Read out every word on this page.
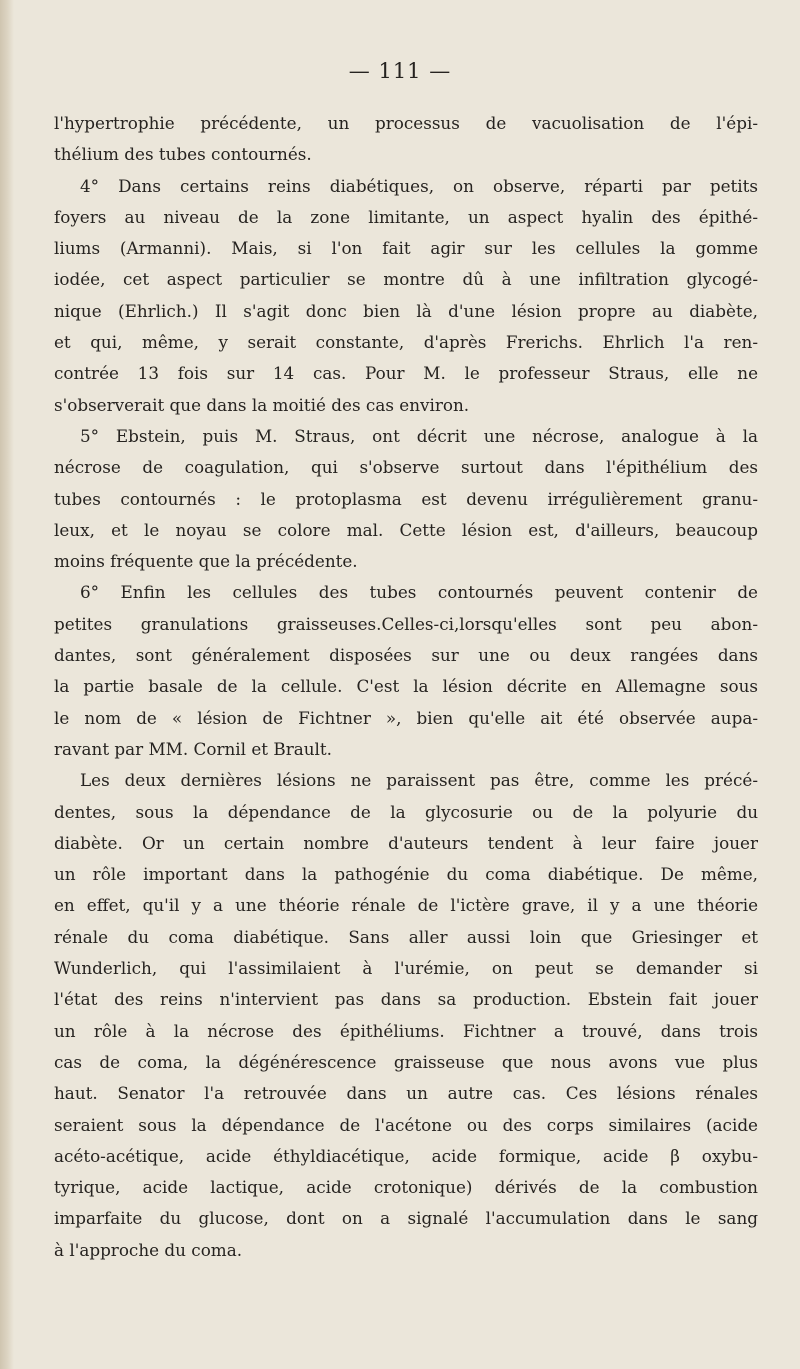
— 111 —
l'hypertrophie précédente, un processus de vacuolisation de l'épi-
thélium des tubes contournés.
4° Dans certains reins diabétiques, on observe, réparti par petits
foyers au niveau de la zone limitante, un aspect hyalin des épithé-
liums (Armanni). Mais, si l'on fait agir sur les cellules la gomme
iodée, cet aspect particulier se montre dû à une infiltration glycogé-
nique (Ehrlich.) Il s'agit donc bien là d'une lésion propre au diabète,
et qui, même, y serait constante, d'après Frerichs. Ehrlich l'a ren-
contrée 13 fois sur 14 cas. Pour M. le professeur Straus, elle ne
s'observerait que dans la moitié des cas environ.
5° Ebstein, puis M. Straus, ont décrit une nécrose, analogue à la
nécrose de coagulation, qui s'observe surtout dans l'épithélium des
tubes contournés : le protoplasma est devenu irrégulièrement granu-
leux, et le noyau se colore mal. Cette lésion est, d'ailleurs, beaucoup
moins fréquente que la précédente.
6° Enfin les cellules des tubes contournés peuvent contenir de
petites granulations graisseuses.Celles-ci,lorsqu'elles sont peu abon-
dantes, sont généralement disposées sur une ou deux rangées dans
la partie basale de la cellule. C'est la lésion décrite en Allemagne sous
le nom de « lésion de Fichtner », bien qu'elle ait été observée aupa-
ravant par MM. Cornil et Brault.
Les deux dernières lésions ne paraissent pas être, comme les précé-
dentes, sous la dépendance de la glycosurie ou de la polyurie du
diabète. Or un certain nombre d'auteurs tendent à leur faire jouer
un rôle important dans la pathogénie du coma diabétique. De même,
en effet, qu'il y a une théorie rénale de l'ictère grave, il y a une théorie
rénale du coma diabétique. Sans aller aussi loin que Griesinger et
Wunderlich, qui l'assimilaient à l'urémie, on peut se demander si
l'état des reins n'intervient pas dans sa production. Ebstein fait jouer
un rôle à la nécrose des épithéliums. Fichtner a trouvé, dans trois
cas de coma, la dégénérescence graisseuse que nous avons vue plus
haut. Senator l'a retrouvée dans un autre cas. Ces lésions rénales
seraient sous la dépendance de l'acétone ou des corps similaires (acide
acéto-acétique, acide éthyldiacétique, acide formique, acide β oxybu-
tyrique, acide lactique, acide crotonique) dérivés de la combustion
imparfaite du glucose, dont on a signalé l'accumulation dans le sang
à l'approche du coma.
